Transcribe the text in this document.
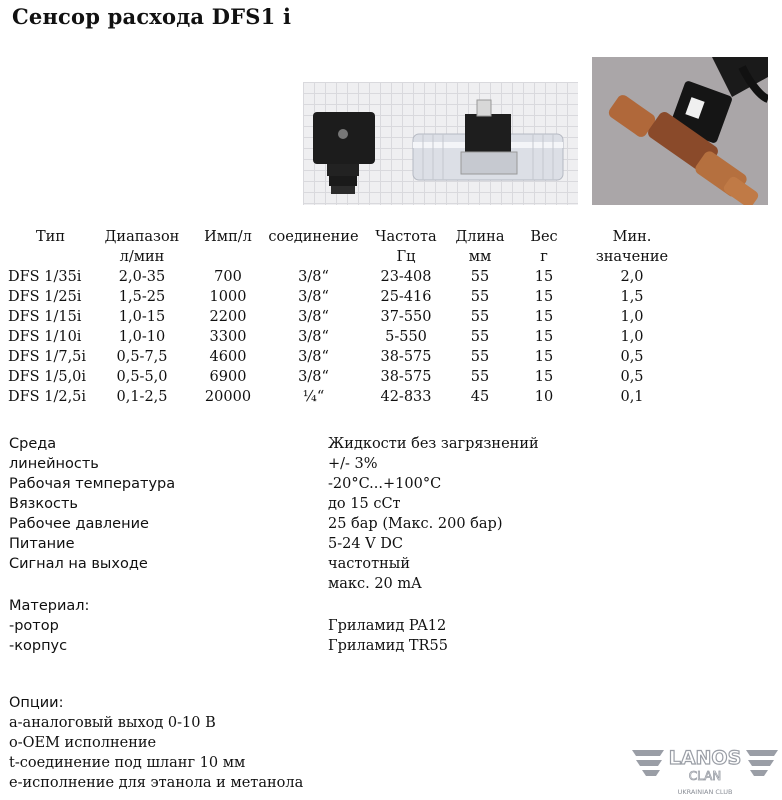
Сенсор расхода DFS1 i
Тип	Диапазон	Имп/л	соединение	Частота	Длина	Вес	Мин.
	л/мин			Гц	мм	г	значение
DFS 1/35i	2,0-35	700	3/8“	23-408	55	15	2,0
DFS 1/25i	1,5-25	1000	3/8“	25-416	55	15	1,5
DFS 1/15i	1,0-15	2200	3/8“	37-550	55	15	1,0
DFS 1/10i	1,0-10	3300	3/8“	5-550	55	15	1,0
DFS 1/7,5i	0,5-7,5	4600	3/8“	38-575	55	15	0,5
DFS 1/5,0i	0,5-5,0	6900	3/8“	38-575	55	15	0,5
DFS 1/2,5i	0,1-2,5	20000	¼“	42-833	45	10	0,1
Среда	Жидкости без загрязнений
линейность	+/- 3%
Рабочая температура	-20°C...+100°C
Вязкость	до 15 сСт
Рабочее давление	25 бар (Макс. 200 бар)
Питание	5-24 V DC
Сигнал на выходе	частотный
макс. 20 mA
Материал:
-ротор	Гриламид PA12
-корпус	Гриламид TR55
Опции:
a-аналоговый выход 0-10 В
o-OEM исполнение
t-соединение под шланг 10 мм
e-исполнение для этанола и метанола
LANOS
CLAN
UKRAINIAN CLUB
